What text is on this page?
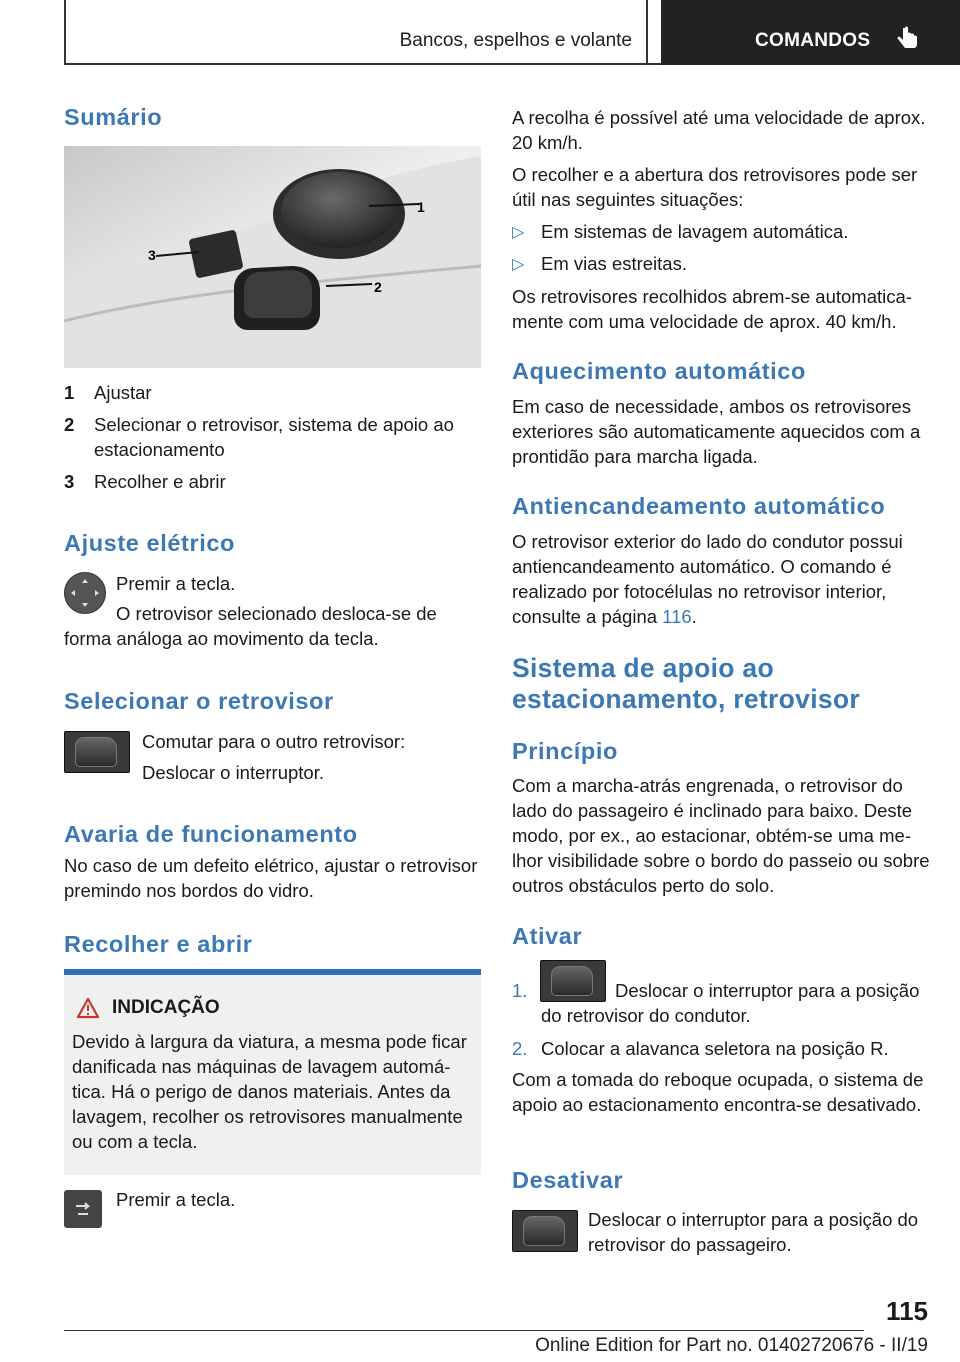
Bancos, espelhos e volante	COMANDOS
Sumário
1
2
3
1 Ajustar
2 Selecionar o retrovisor, sistema de apoio ao estacionamento
3 Recolher e abrir
Ajuste elétrico

Premir a tecla.

O retrovisor selecionado desloca-se de forma análoga ao movimento da tecla.

Selecionar o retrovisor

Comutar para o outro retrovisor:

Deslocar o interruptor.

Avaria de funcionamento

No caso de um defeito elétrico, ajustar o retrovisor premindo nos bordos do vidro.

Recolher e abrir
INDICAÇÃO

Devido à largura da viatura, a mesma pode ficar danificada nas máquinas de lavagem automática. Há o perigo de danos materiais. Antes da lavagem, recolher os retrovisores manualmente ou com a tecla.

Premir a tecla.

A recolha é possível até uma velocidade de aprox. 20 km/h.

O recolher e a abertura dos retrovisores pode ser útil nas seguintes situações:

▷ Em sistemas de lavagem automática.

▷ Em vias estreitas.

Os retrovisores recolhidos abrem-se automaticamente com uma velocidade de aprox. 40 km/h.

Aquecimento automático

Em caso de necessidade, ambos os retrovisores exteriores são automaticamente aquecidos com a prontidão para marcha ligada.

Antiencandeamento automático

O retrovisor exterior do lado do condutor possui antiencandeamento automático. O comando é realizado por fotocélulas no retrovisor interior, consulte a página 116.

Sistema de apoio ao estacionamento, retrovisor
Princípio

Com a marcha-atrás engrenada, o retrovisor do lado do passageiro é inclinado para baixo. Deste modo, por ex., ao estacionar, obtém-se uma melhor visibilidade sobre o bordo do passeio ou sobre outros obstáculos perto do solo.

Ativar
1.	Deslocar o interruptor para a posição do retrovisor do condutor.

2. Colocar a alavanca seletora na posição R.

Com a tomada do reboque ocupada, o sistema de apoio ao estacionamento encontra-se desativado.

Desativar

Deslocar o interruptor para a posição do retrovisor do passageiro.

115
Online Edition for Part no. 01402720676 - II/19
